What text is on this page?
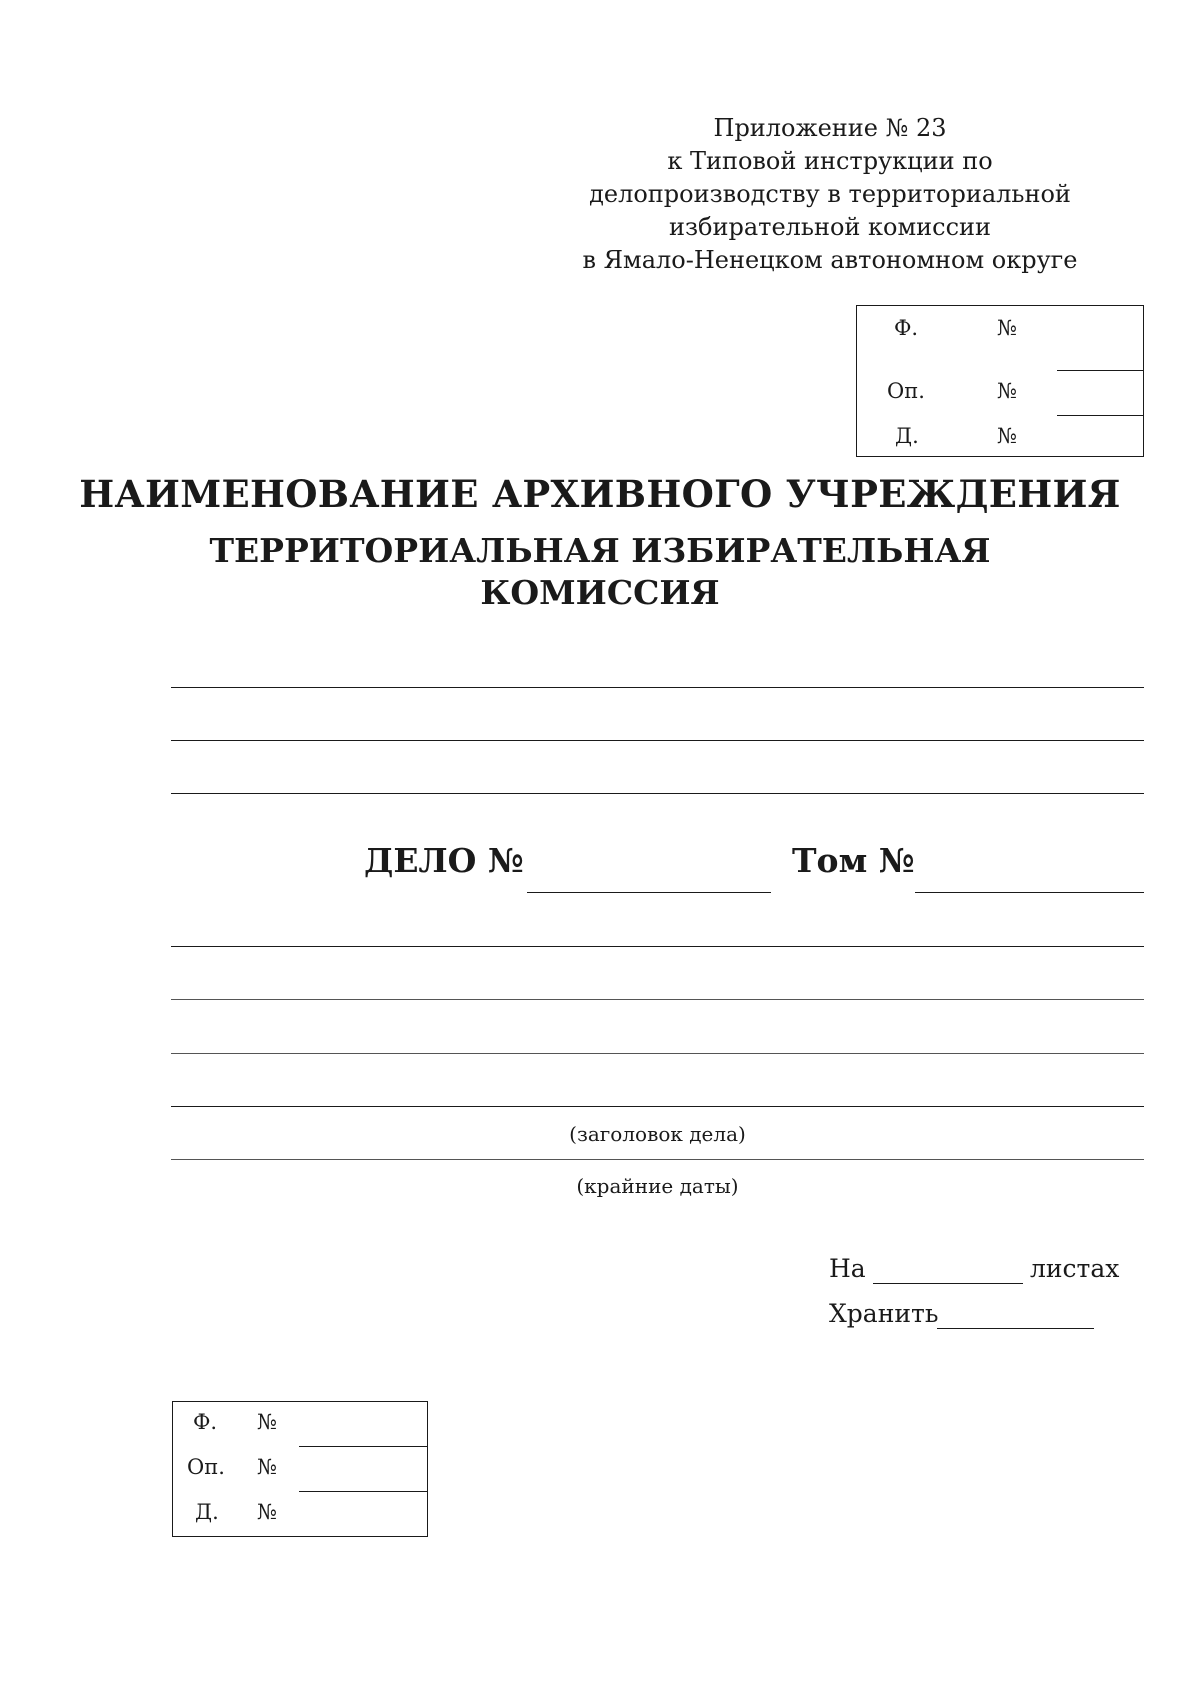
Приложение № 23
к Типовой инструкции по
делопроизводству в территориальной
избирательной комиссии
в Ямало-Ненецком автономном округе
Ф.	№
Оп.	№
Д.	№
НАИМЕНОВАНИЕ АРХИВНОГО УЧРЕЖДЕНИЯ
ТЕРРИТОРИАЛЬНАЯ ИЗБИРАТЕЛЬНАЯ
КОМИССИЯ
ДЕЛО №	Том №
(заголовок дела)
(крайние даты)
На	листах
Хранить
Ф. №
Оп. №
Д. №
